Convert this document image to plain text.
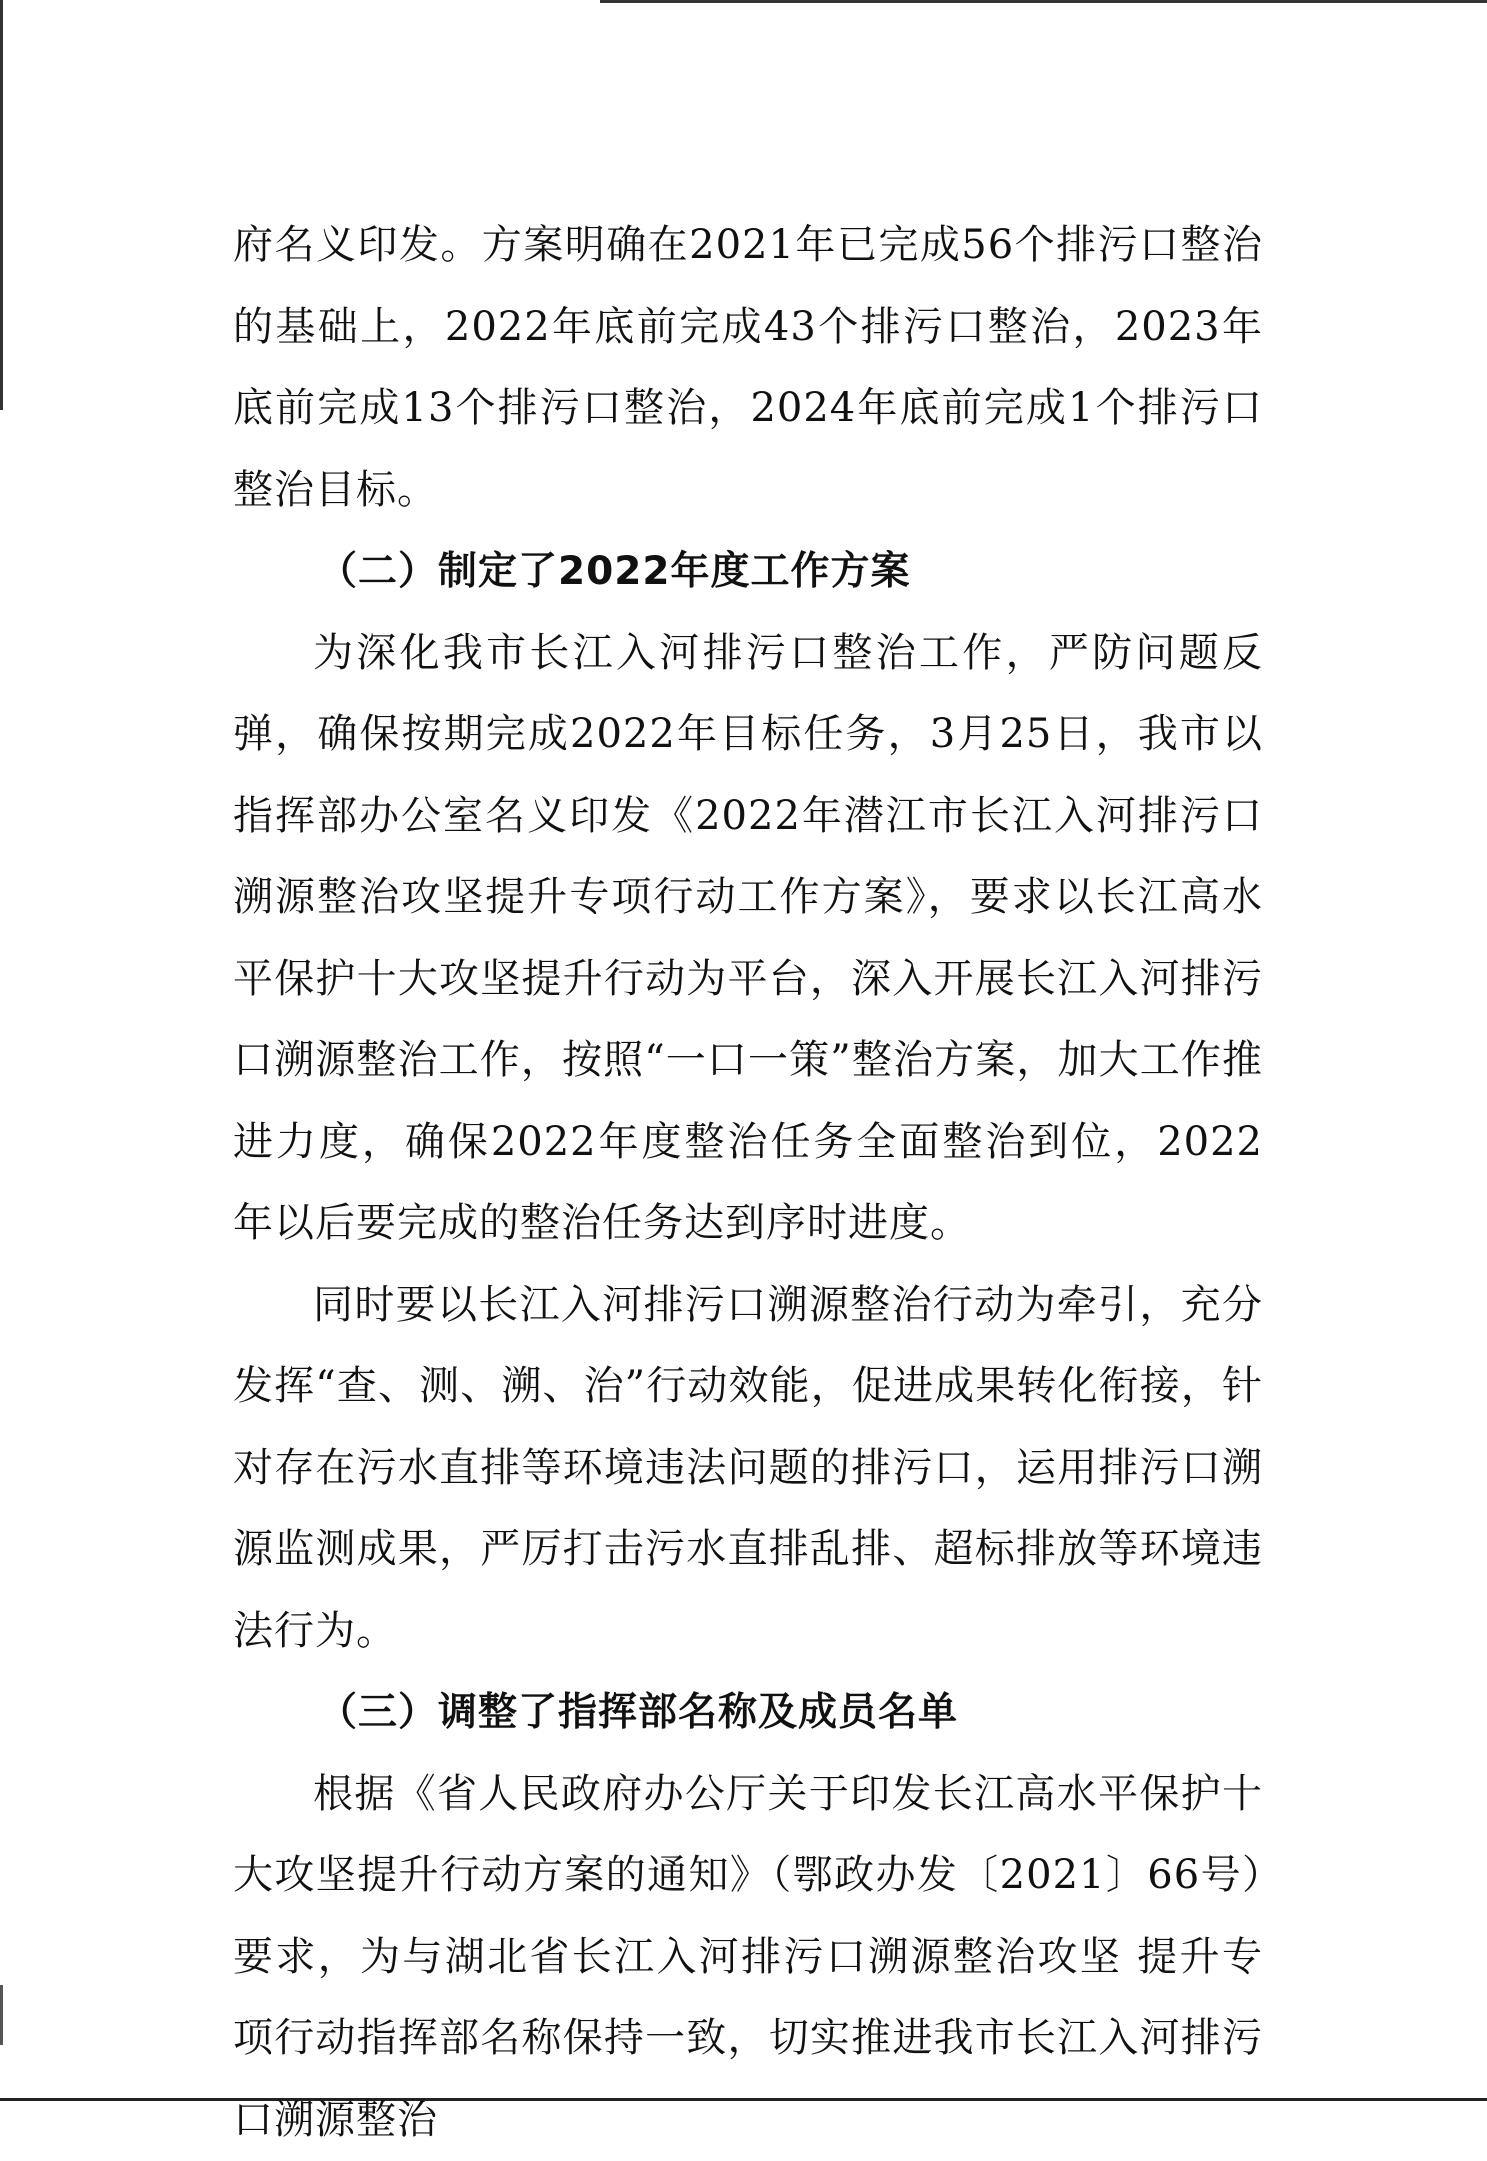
府名义印发。方案明确在2021年已完成56个排污口整治的基础上，2022年底前完成43个排污口整治，2023年底前完成13个排污口整治，2024年底前完成1个排污口整治目标。

（二）制定了2022年度工作方案

为深化我市长江入河排污口整治工作，严防问题反弹，确保按期完成2022年目标任务，3月25日，我市以指挥部办公室名义印发《2022年潜江市长江入河排污口溯源整治攻坚提升专项行动工作方案》，要求以长江高水平保护十大攻坚提升行动为平台，深入开展长江入河排污口溯源整治工作，按照“一口一策”整治方案，加大工作推进力度，确保2022年度整治任务全面整治到位，2022年以后要完成的整治任务达到序时进度。

同时要以长江入河排污口溯源整治行动为牵引，充分发挥“查、测、溯、治”行动效能，促进成果转化衔接，针对存在污水直排等环境违法问题的排污口，运用排污口溯源监测成果，严厉打击污水直排乱排、超标排放等环境违法行为。

（三）调整了指挥部名称及成员名单

根据《省人民政府办公厅关于印发长江高水平保护十大攻坚提升行动方案的通知》（鄂政办发〔2021〕66号）要求，为与湖北省长江入河排污口溯源整治攻坚 提升专项行动指挥部名称保持一致，切实推进我市长江入河排污口溯源整治
